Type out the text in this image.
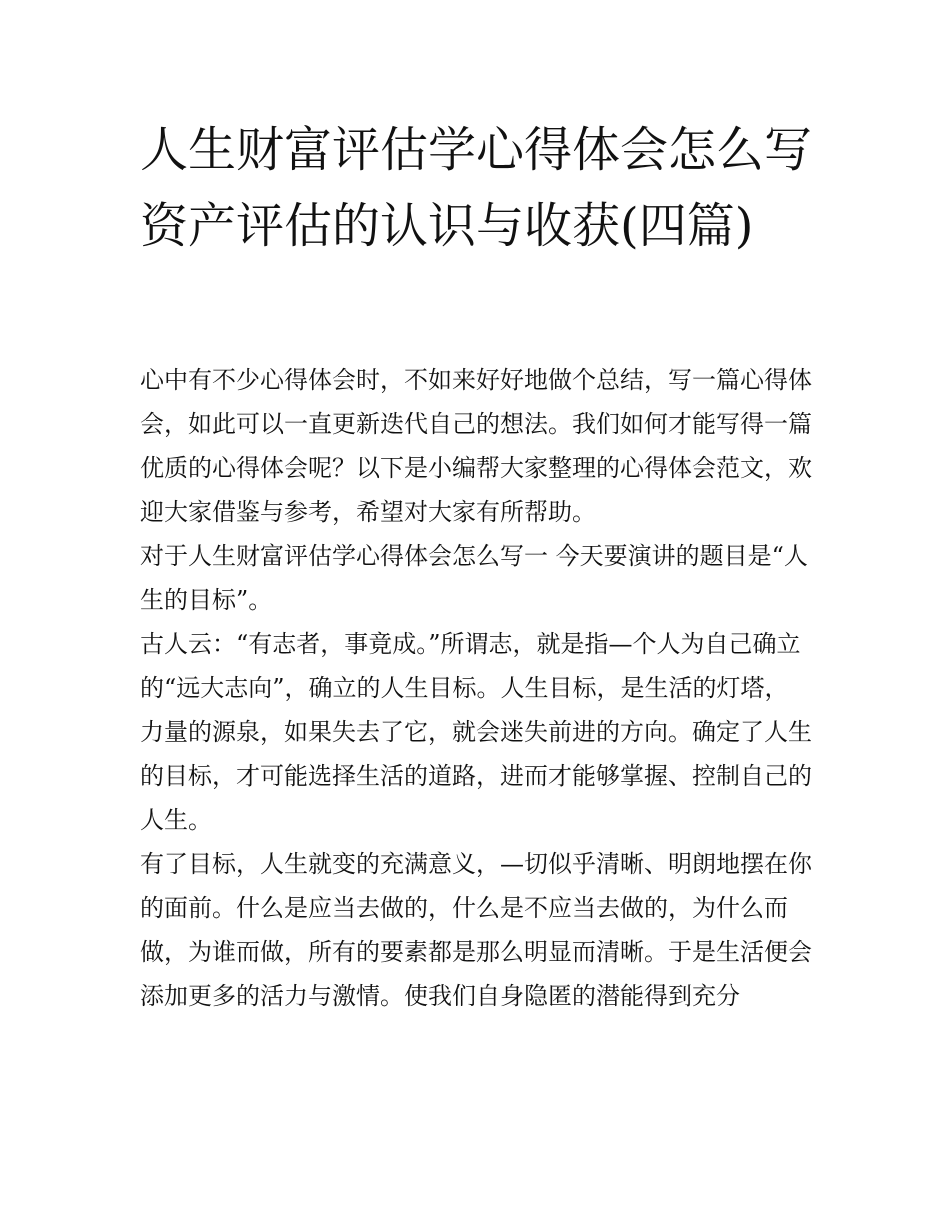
人生财富评估学心得体会怎么写 资产评估的认识与收获(四篇)

心中有不少心得体会时，不如来好好地做个总结，写一篇心得体会，如此可以一直更新迭代自己的想法。我们如何才能写得一篇优质的心得体会呢？以下是小编帮大家整理的心得体会范文，欢迎大家借鉴与参考，希望对大家有所帮助。

对于人生财富评估学心得体会怎么写一 今天要演讲的题目是“人生的目标”。

古人云：“有志者，事竟成。”所谓志，就是指—个人为自己确立的“远大志向”，确立的人生目标。人生目标，是生活的灯塔，力量的源泉，如果失去了它，就会迷失前进的方向。确定了人生的目标，才可能选择生活的道路，进而才能够掌握、控制自己的人生。

有了目标，人生就变的充满意义，—切似乎清晰、明朗地摆在你的面前。什么是应当去做的，什么是不应当去做的，为什么而做，为谁而做，所有的要素都是那么明显而清晰。于是生活便会添加更多的活力与激情。使我们自身隐匿的潜能得到充分
